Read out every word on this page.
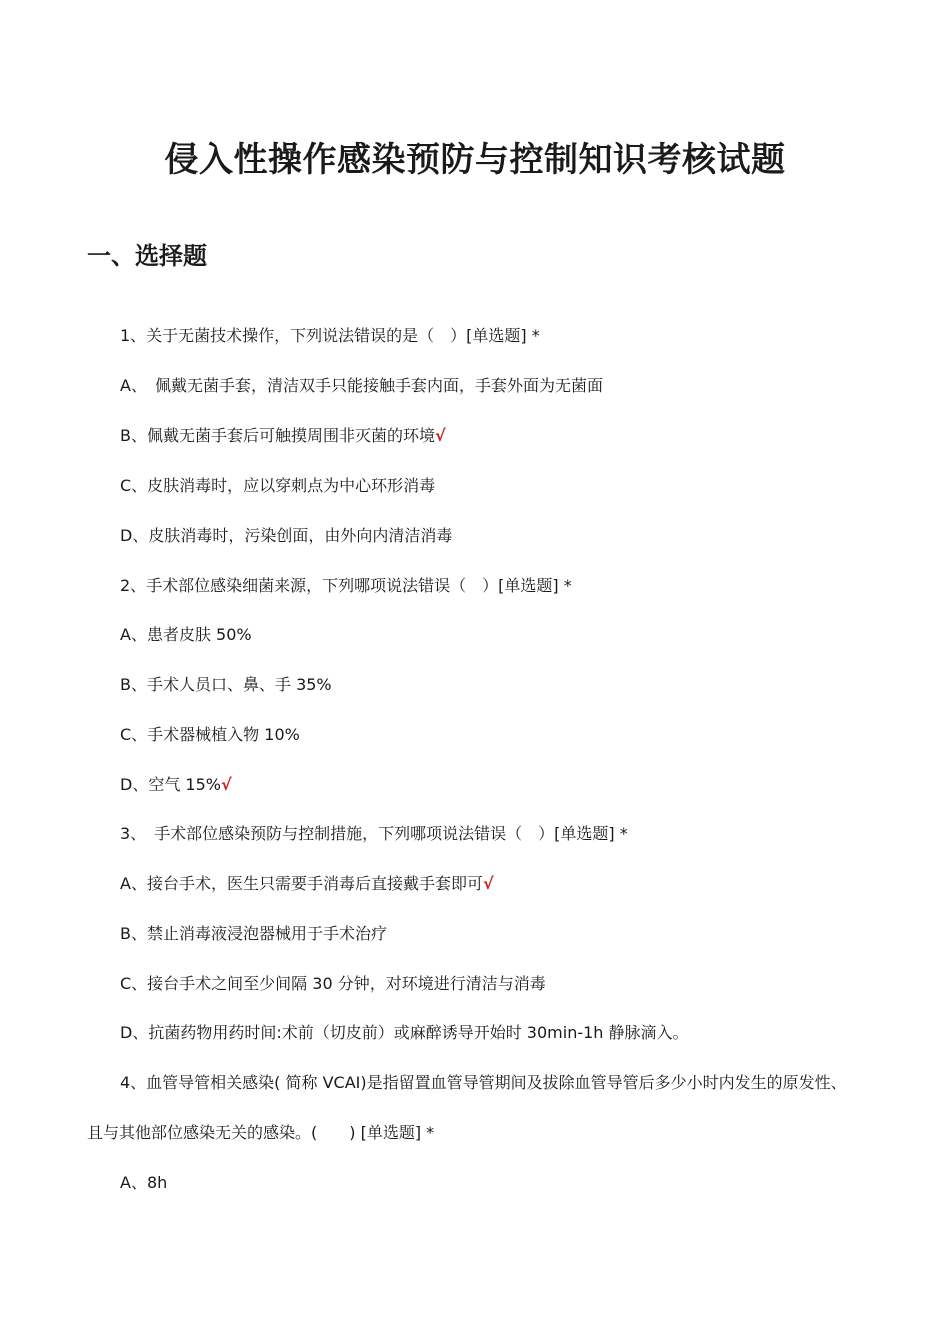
侵入性操作感染预防与控制知识考核试题
一、选择题
1、关于无菌技术操作，下列说法错误的是（　）[单选题] *
A、　佩戴无菌手套，清洁双手只能接触手套内面，手套外面为无菌面
B、佩戴无菌手套后可触摸周围非灭菌的环境√
C、皮肤消毒时，应以穿刺点为中心环形消毒
D、皮肤消毒时，污染创面，由外向内清洁消毒
2、手术部位感染细菌来源，下列哪项说法错误（　）[单选题] *
A、患者皮肤 50%
B、手术人员口、鼻、手 35%
C、手术器械植入物 10%
D、空气 15%√
3、　手术部位感染预防与控制措施，下列哪项说法错误（　）[单选题] *
A、接台手术，医生只需要手消毒后直接戴手套即可√
B、禁止消毒液浸泡器械用于手术治疗
C、接台手术之间至少间隔 30 分钟，对环境进行清洁与消毒
D、抗菌药物用药时间:术前（切皮前）或麻醉诱导开始时 30min-1h 静脉滴入。
4、血管导管相关感染( 简称 VCAI)是指留置血管导管期间及拔除血管导管后多少小时内发生的原发性、
且与其他部位感染无关的感染。(　　) [单选题] *
A、8h
